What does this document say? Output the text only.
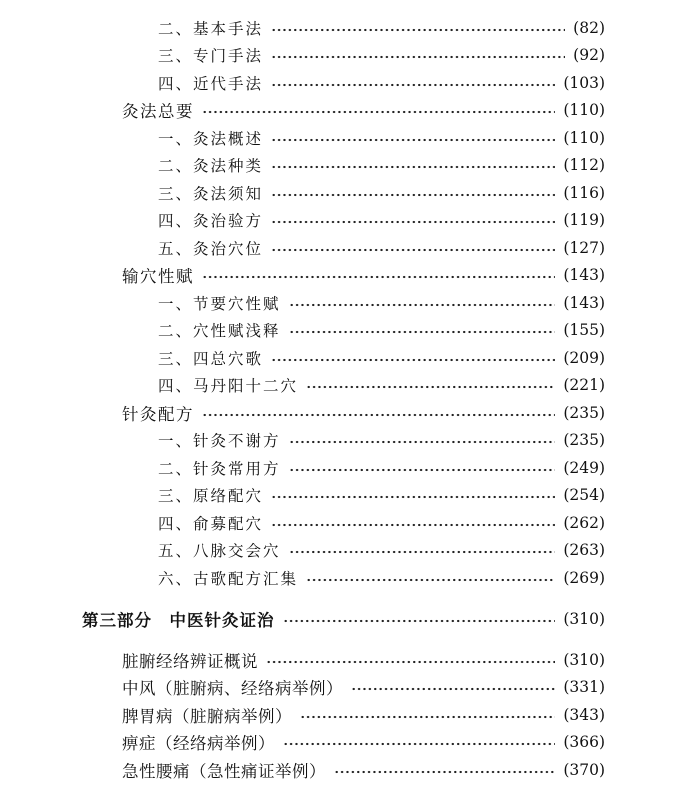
二、基本手法	(82)
三、专门手法	(92)
四、近代手法	(103)
灸法总要	(110)
一、灸法概述	(110)
二、灸法种类	(112)
三、灸法须知	(116)
四、灸治验方	(119)
五、灸治穴位	(127)
输穴性赋	(143)
一、节要穴性赋	(143)
二、穴性赋浅释	(155)
三、四总穴歌	(209)
四、马丹阳十二穴	(221)
针灸配方	(235)
一、针灸不谢方	(235)
二、针灸常用方	(249)
三、原络配穴	(254)
四、俞募配穴	(262)
五、八脉交会穴	(263)
六、古歌配方汇集	(269)
第三部分　中医针灸证治	(310)
脏腑经络辨证概说	(310)
中风（脏腑病、经络病举例）	(331)
脾胃病（脏腑病举例）	(343)
痹症（经络病举例）	(366)
急性腰痛（急性痛证举例）	(370)
